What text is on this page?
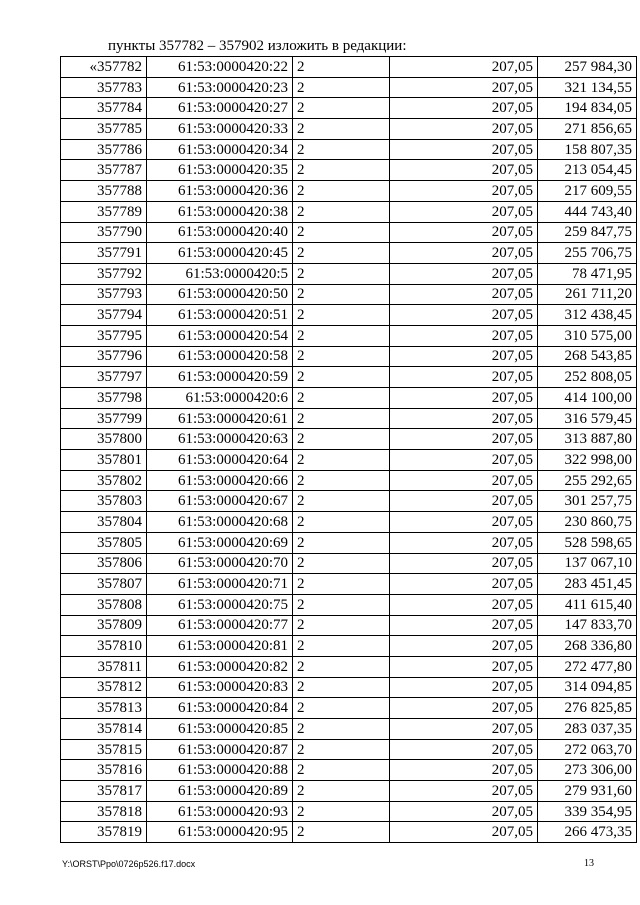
пункты 357782 – 357902 изложить в редакции:
«357782	61:53:0000420:22	2	207,05	257 984,30
357783	61:53:0000420:23	2	207,05	321 134,55
357784	61:53:0000420:27	2	207,05	194 834,05
357785	61:53:0000420:33	2	207,05	271 856,65
357786	61:53:0000420:34	2	207,05	158 807,35
357787	61:53:0000420:35	2	207,05	213 054,45
357788	61:53:0000420:36	2	207,05	217 609,55
357789	61:53:0000420:38	2	207,05	444 743,40
357790	61:53:0000420:40	2	207,05	259 847,75
357791	61:53:0000420:45	2	207,05	255 706,75
357792	61:53:0000420:5	2	207,05	78 471,95
357793	61:53:0000420:50	2	207,05	261 711,20
357794	61:53:0000420:51	2	207,05	312 438,45
357795	61:53:0000420:54	2	207,05	310 575,00
357796	61:53:0000420:58	2	207,05	268 543,85
357797	61:53:0000420:59	2	207,05	252 808,05
357798	61:53:0000420:6	2	207,05	414 100,00
357799	61:53:0000420:61	2	207,05	316 579,45
357800	61:53:0000420:63	2	207,05	313 887,80
357801	61:53:0000420:64	2	207,05	322 998,00
357802	61:53:0000420:66	2	207,05	255 292,65
357803	61:53:0000420:67	2	207,05	301 257,75
357804	61:53:0000420:68	2	207,05	230 860,75
357805	61:53:0000420:69	2	207,05	528 598,65
357806	61:53:0000420:70	2	207,05	137 067,10
357807	61:53:0000420:71	2	207,05	283 451,45
357808	61:53:0000420:75	2	207,05	411 615,40
357809	61:53:0000420:77	2	207,05	147 833,70
357810	61:53:0000420:81	2	207,05	268 336,80
357811	61:53:0000420:82	2	207,05	272 477,80
357812	61:53:0000420:83	2	207,05	314 094,85
357813	61:53:0000420:84	2	207,05	276 825,85
357814	61:53:0000420:85	2	207,05	283 037,35
357815	61:53:0000420:87	2	207,05	272 063,70
357816	61:53:0000420:88	2	207,05	273 306,00
357817	61:53:0000420:89	2	207,05	279 931,60
357818	61:53:0000420:93	2	207,05	339 354,95
357819	61:53:0000420:95	2	207,05	266 473,35
Y:\ORST\Ppo\0726p526.f17.docx	13
